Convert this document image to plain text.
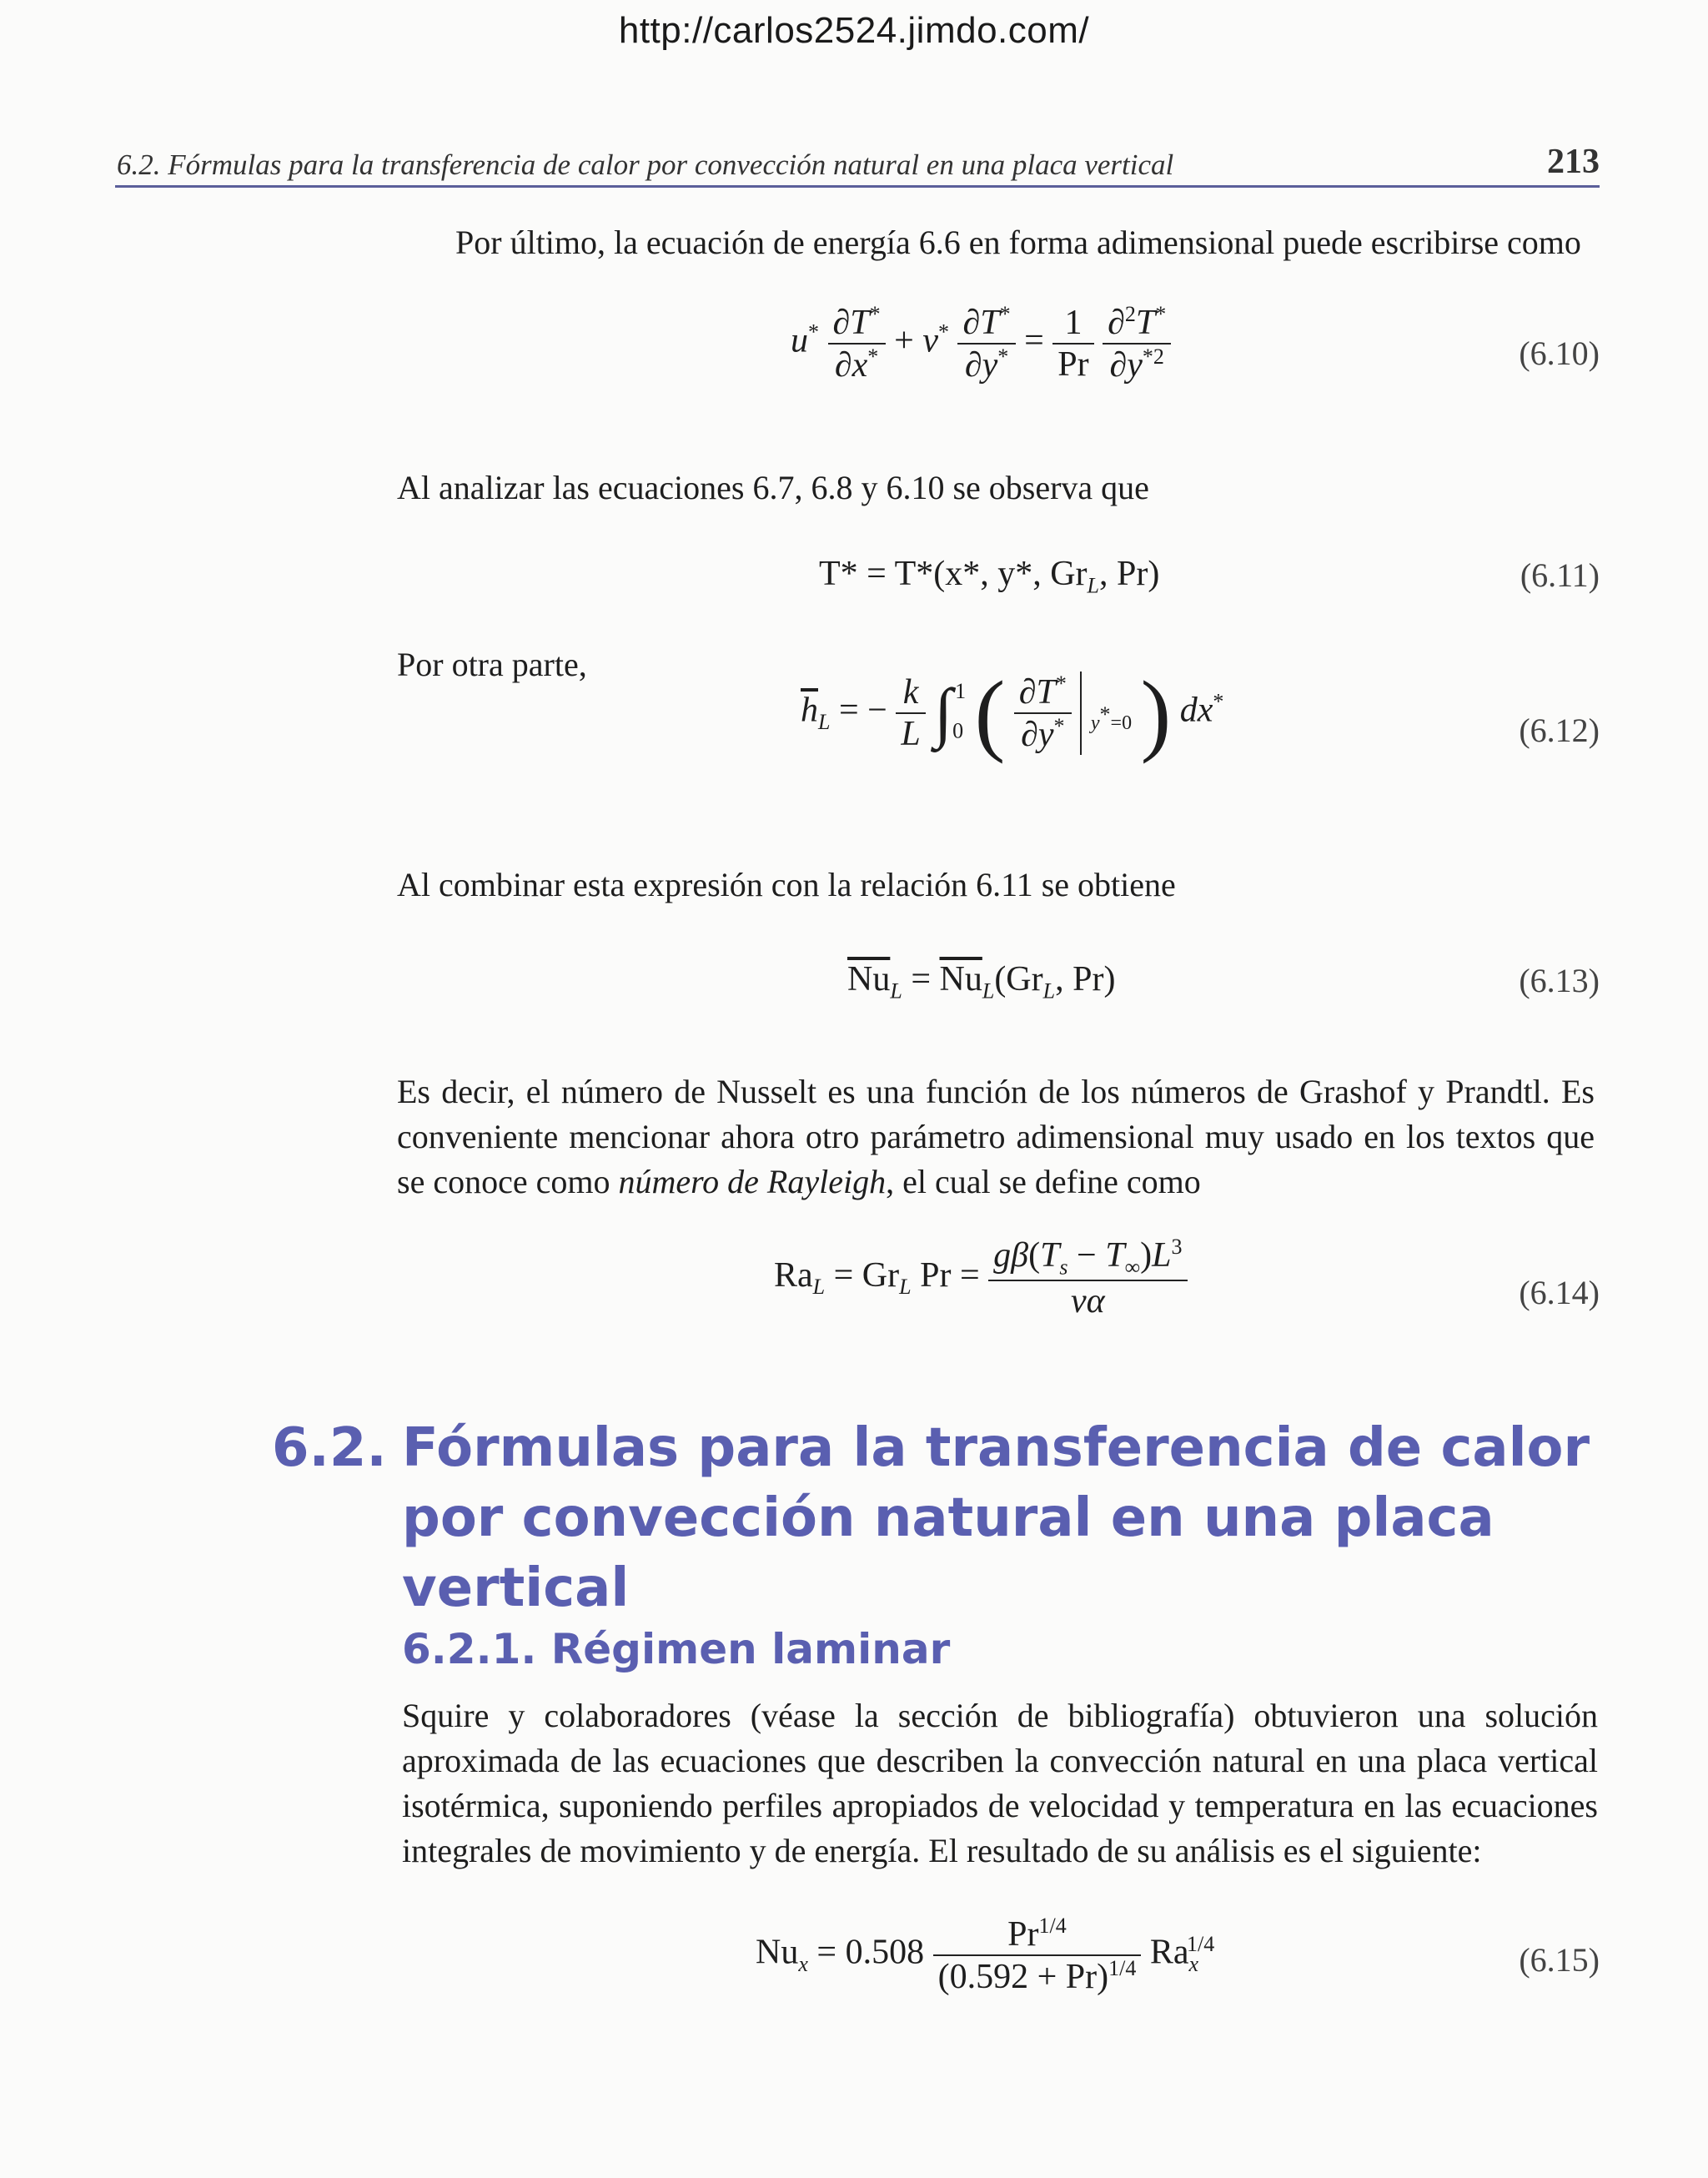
http://carlos2524.jimdo.com/
6.2. Fórmulas para la transferencia de calor por convección natural en una placa vertical	213
Por último, la ecuación de energía 6.6 en forma adimensional puede escribirse como
$u^* \frac{\partial T^*}{\partial x^*} + v^* \frac{\partial T^*}{\partial y^*} = \frac{1}{Pr}$
$\frac{\partial^2T^*}{\partial y^{*2}}$	(6.10)
Al analizar las ecuaciones 6.7, 6.8 y 6.10 se observa que
T* = T*(x*, y*, $Gr_L$, Pr)	(6.11)
Por otra parte,
$\overline{h}_L$ = − $\frac{k}{L} \int_0^1$ ( $\frac{\partial T^*}{\partial y^*} _{y^*=0}$ ) dx*
(6.12)
Al combinar esta expresión con la relación 6.11 se obtiene
$\overline{Nu}_L = \overline{Nu}_L(Gr_L$, Pr)	(6.13)
Es decir, el número de Nusselt es una función de los números de Grashof y Prandtl. Es conveniente mencionar ahora otro parámetro adimensional muy usado en los textos que se conoce como número de Rayleigh, el cual se define como
$Ra_L = Gr_L$ $Pr = \frac{g\beta(T_s - T_\infty)L^3}{\nu\alpha}$	(6.14)
6.2. Fórmulas para la transferencia de calor
por convección natural en una placa vertical
6.2.1. Régimen laminar
Squire y colaboradores (véase la sección de bibliografía) obtuvieron una solución aproximada de las ecuaciones que describen la convección natural en una placa vertical isotérmica, suponiendo perfiles apropiados de velocidad y temperatura en las ecuaciones integrales de movimiento y de energía. El resultado de su análisis es el siguiente:
$Nu_x = 0.508 \frac{Pr^{1/4}}{(0.592 + Pr)^{1/4}} Ra_x^{1/4}$	(6.15)
